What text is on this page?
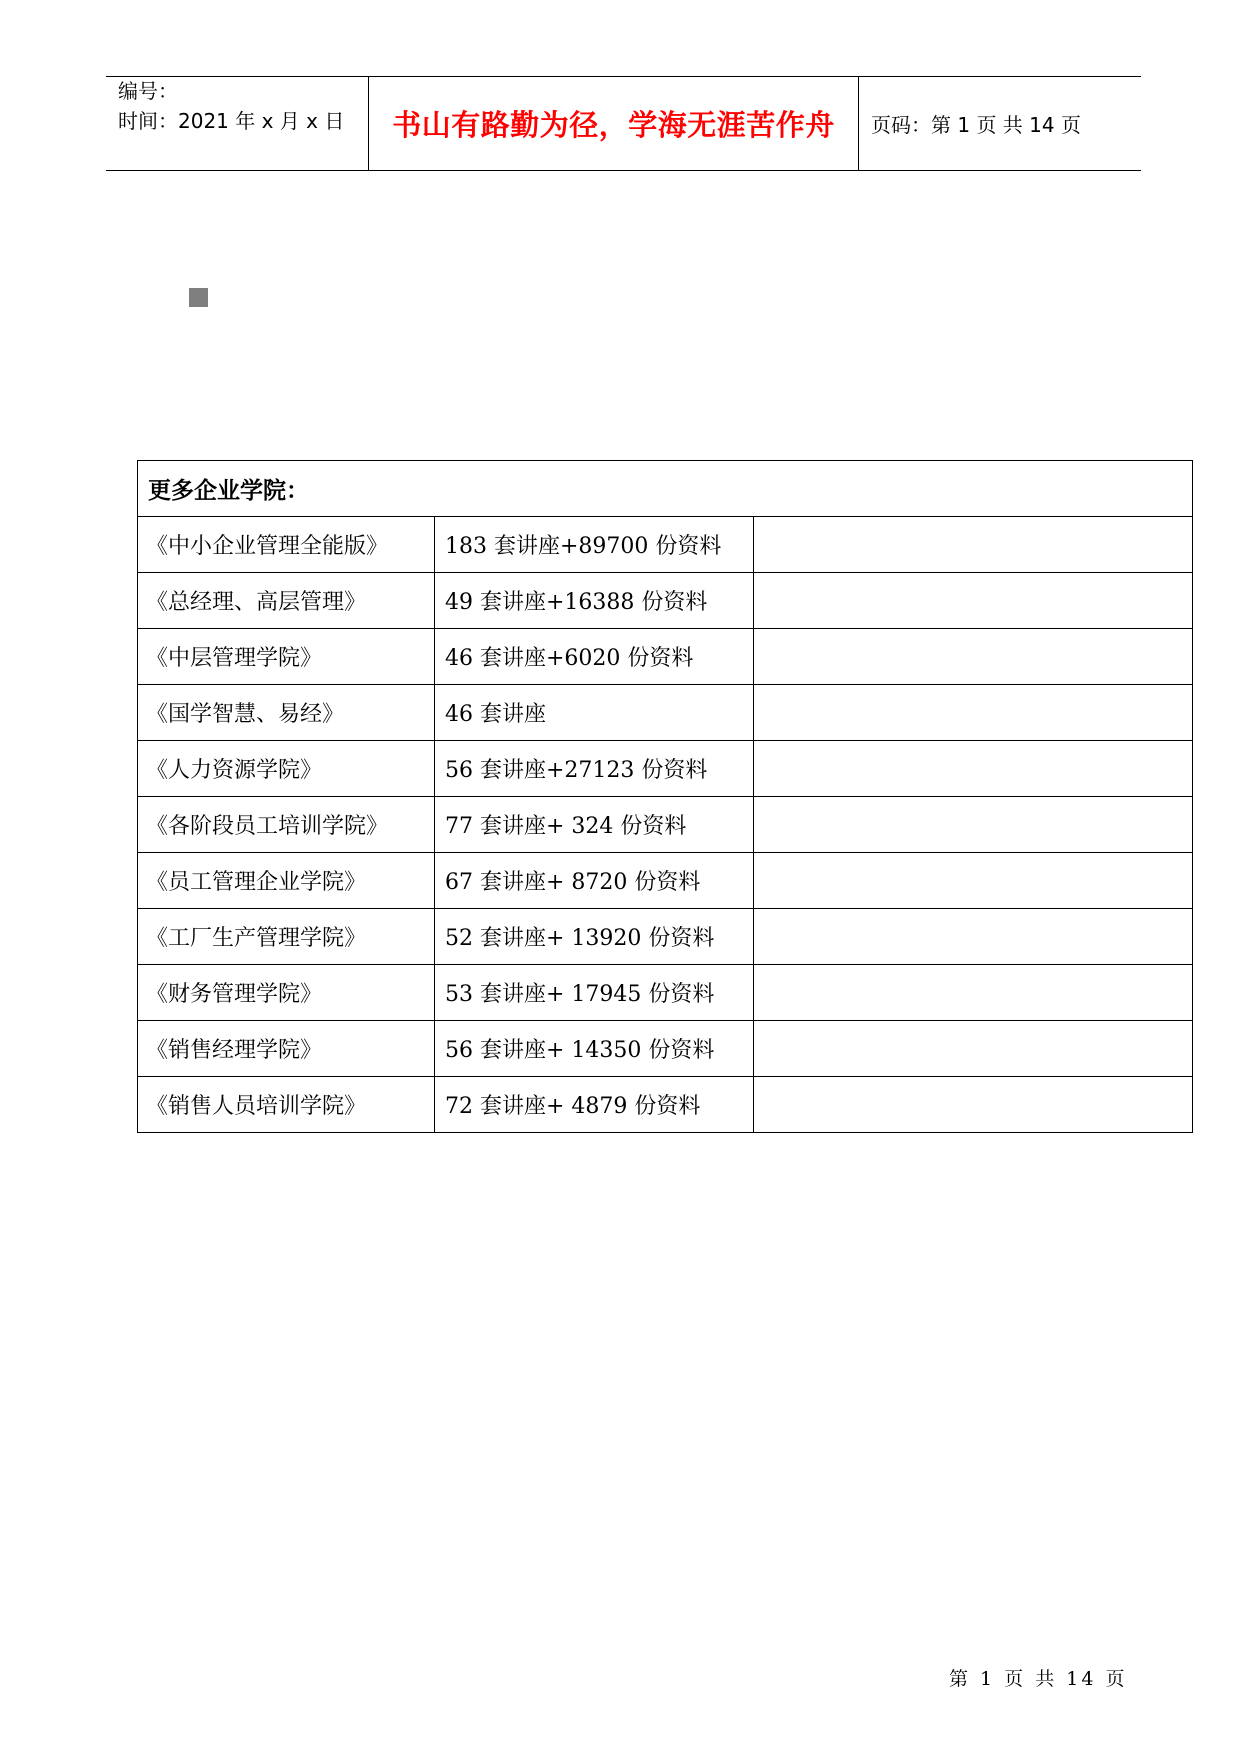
编号：
时间：2021 年 x 月 x 日 书山有路勤为径，学海无涯苦作舟 页码：第 1 页 共 14 页
更多企业学院：		
《中小企业管理全能版》	183 套讲座+89700 份资料	
《总经理、高层管理》	49 套讲座+16388 份资料	
《中层管理学院》	46 套讲座+6020 份资料	
《国学智慧、易经》	46 套讲座	
《人力资源学院》	56 套讲座+27123 份资料	
《各阶段员工培训学院》	77 套讲座+ 324 份资料	
《员工管理企业学院》	67 套讲座+ 8720 份资料	
《工厂生产管理学院》	52 套讲座+ 13920 份资料	
《财务管理学院》	53 套讲座+ 17945 份资料	
《销售经理学院》	56 套讲座+ 14350 份资料	
《销售人员培训学院》	72 套讲座+ 4879 份资料	
第 1 页 共 14 页
